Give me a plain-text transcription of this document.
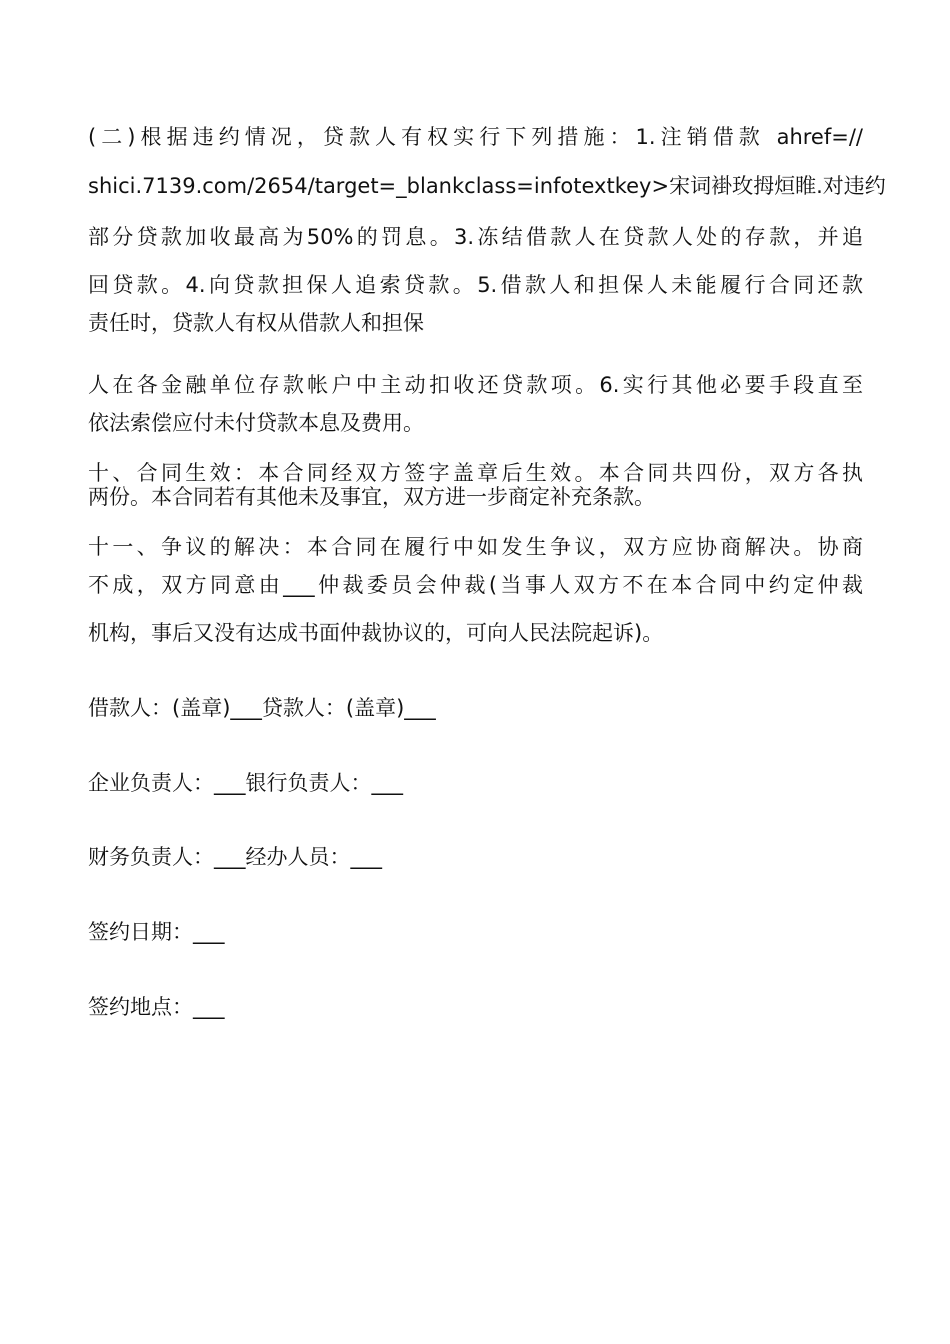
(二)根据违约情况，贷款人有权实行下列措施：1.注销借款 ahref=//
shici.7139.com/2654/target=_blankclass=infotextkey>宋词褂玫拇烜睢.对违约
部分贷款加收最高为50%的罚息。3.冻结借款人在贷款人处的存款，并追
回贷款。4.向贷款担保人追索贷款。5.借款人和担保人未能履行合同还款
责任时，贷款人有权从借款人和担保
人在各金融单位存款帐户中主动扣收还贷款项。6.实行其他必要手段直至
依法索偿应付未付贷款本息及费用。
十、合同生效：本合同经双方签字盖章后生效。本合同共四份，双方各执
两份。本合同若有其他未及事宜，双方进一步商定补充条款。
十一、争议的解决：本合同在履行中如发生争议，双方应协商解决。协商
不成，双方同意由___仲裁委员会仲裁(当事人双方不在本合同中约定仲裁
机构，事后又没有达成书面仲裁协议的，可向人民法院起诉)。
借款人：(盖章)___贷款人：(盖章)___
企业负责人：___银行负责人：___
财务负责人：___经办人员：___
签约日期：___
签约地点：___
